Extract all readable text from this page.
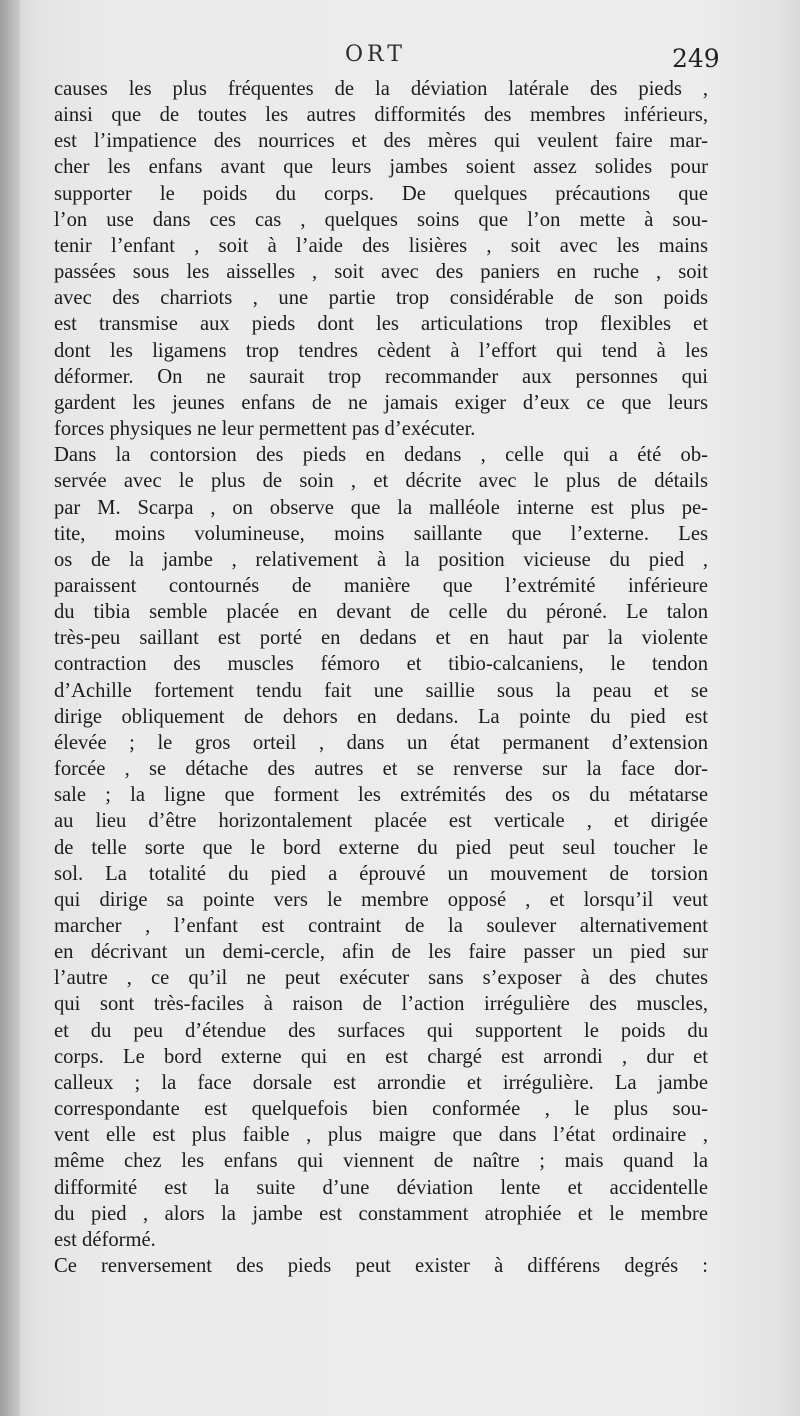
ORT	249

causes les plus fréquentes de la déviation latérale des pieds ,

ainsi que de toutes les autres difformités des membres inférieurs,

est l’impatience des nourrices et des mères qui veulent faire mar-

cher les enfans avant que leurs jambes soient assez solides pour

supporter le poids du corps. De quelques précautions que

l’on use dans ces cas , quelques soins que l’on mette à sou-

tenir l’enfant , soit à l’aide des lisières , soit avec les mains

passées sous les aisselles , soit avec des paniers en ruche , soit

avec des charriots , une partie trop considérable de son poids

est transmise aux pieds dont les articulations trop flexibles et

dont les ligamens trop tendres cèdent à l’effort qui tend à les

déformer. On ne saurait trop recommander aux personnes qui

gardent les jeunes enfans de ne jamais exiger d’eux ce que leurs

forces physiques ne leur permettent pas d’exécuter.

Dans la contorsion des pieds en dedans , celle qui a été ob-

servée avec le plus de soin , et décrite avec le plus de détails

par M. Scarpa , on observe que la malléole interne est plus pe-

tite, moins volumineuse, moins saillante que l’externe. Les

os de la jambe , relativement à la position vicieuse du pied ,

paraissent contournés de manière que l’extrémité inférieure

du tibia semble placée en devant de celle du péroné. Le talon

très-peu saillant est porté en dedans et en haut par la violente

contraction des muscles fémoro et tibio-calcaniens, le tendon

d’Achille fortement tendu fait une saillie sous la peau et se

dirige obliquement de dehors en dedans. La pointe du pied est

élevée ; le gros orteil , dans un état permanent d’extension

forcée , se détache des autres et se renverse sur la face dor-

sale ; la ligne que forment les extrémités des os du métatarse

au lieu d’être horizontalement placée est verticale , et dirigée

de telle sorte que le bord externe du pied peut seul toucher le

sol. La totalité du pied a éprouvé un mouvement de torsion

qui dirige sa pointe vers le membre opposé , et lorsqu’il veut

marcher , l’enfant est contraint de la soulever alternativement

en décrivant un demi-cercle, afin de les faire passer un pied sur

l’autre , ce qu’il ne peut exécuter sans s’exposer à des chutes

qui sont très-faciles à raison de l’action irrégulière des muscles,

et du peu d’étendue des surfaces qui supportent le poids du

corps. Le bord externe qui en est chargé est arrondi , dur et

calleux ; la face dorsale est arrondie et irrégulière. La jambe

correspondante est quelquefois bien conformée , le plus sou-

vent elle est plus faible , plus maigre que dans l’état ordinaire ,

même chez les enfans qui viennent de naître ; mais quand la

difformité est la suite d’une déviation lente et accidentelle

du pied , alors la jambe est constamment atrophiée et le membre

est déformé.

Ce renversement des pieds peut exister à différens degrés :
